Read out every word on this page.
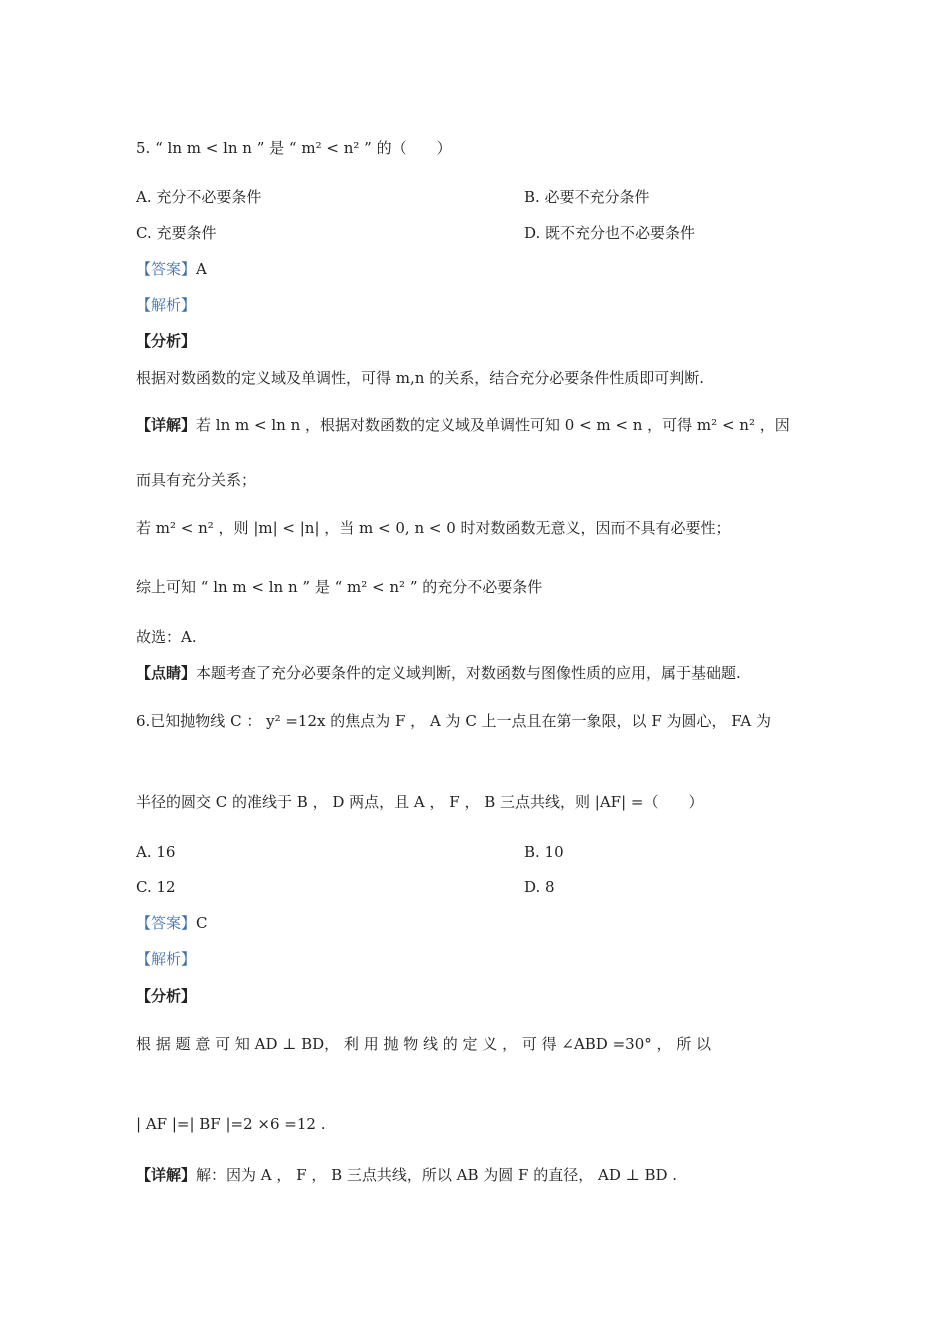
5. “ ln m < ln n ” 是 “ m² < n² ” 的（　　）
A. 充分不必要条件	B. 必要不充分条件
C. 充要条件	D. 既不充分也不必要条件
【答案】A
【解析】
【分析】
根据对数函数的定义域及单调性，可得 m,n 的关系，结合充分必要条件性质即可判断.
【详解】若 ln m < ln n ，根据对数函数的定义域及单调性可知 0 < m < n ，可得 m² < n² ，因
而具有充分关系；
若 m² < n² ，则 |m| < |n| ，当 m < 0, n < 0 时对数函数无意义，因而不具有必要性；
综上可知 “ ln m < ln n ” 是 “ m² < n² ” 的充分不必要条件
故选：A.
【点睛】本题考查了充分必要条件的定义域判断，对数函数与图像性质的应用，属于基础题.
6.已知抛物线 C ： y² =12x 的焦点为 F ， A 为 C 上一点且在第一象限，以 F 为圆心， FA 为
半径的圆交 C 的准线于 B ， D 两点，且 A ， F ， B 三点共线，则 |AF| =（　　）
A. 16	B. 10
C. 12	D. 8
【答案】C
【解析】
【分析】
根 据 题 意 可 知 AD ⊥ BD， 利 用 抛 物 线 的 定 义 ， 可 得 ∠ABD =30° ， 所 以
| AF |=| BF |=2 ×6 =12 .
【详解】解：因为 A ， F ， B 三点共线，所以 AB 为圆 F 的直径， AD ⊥ BD .
